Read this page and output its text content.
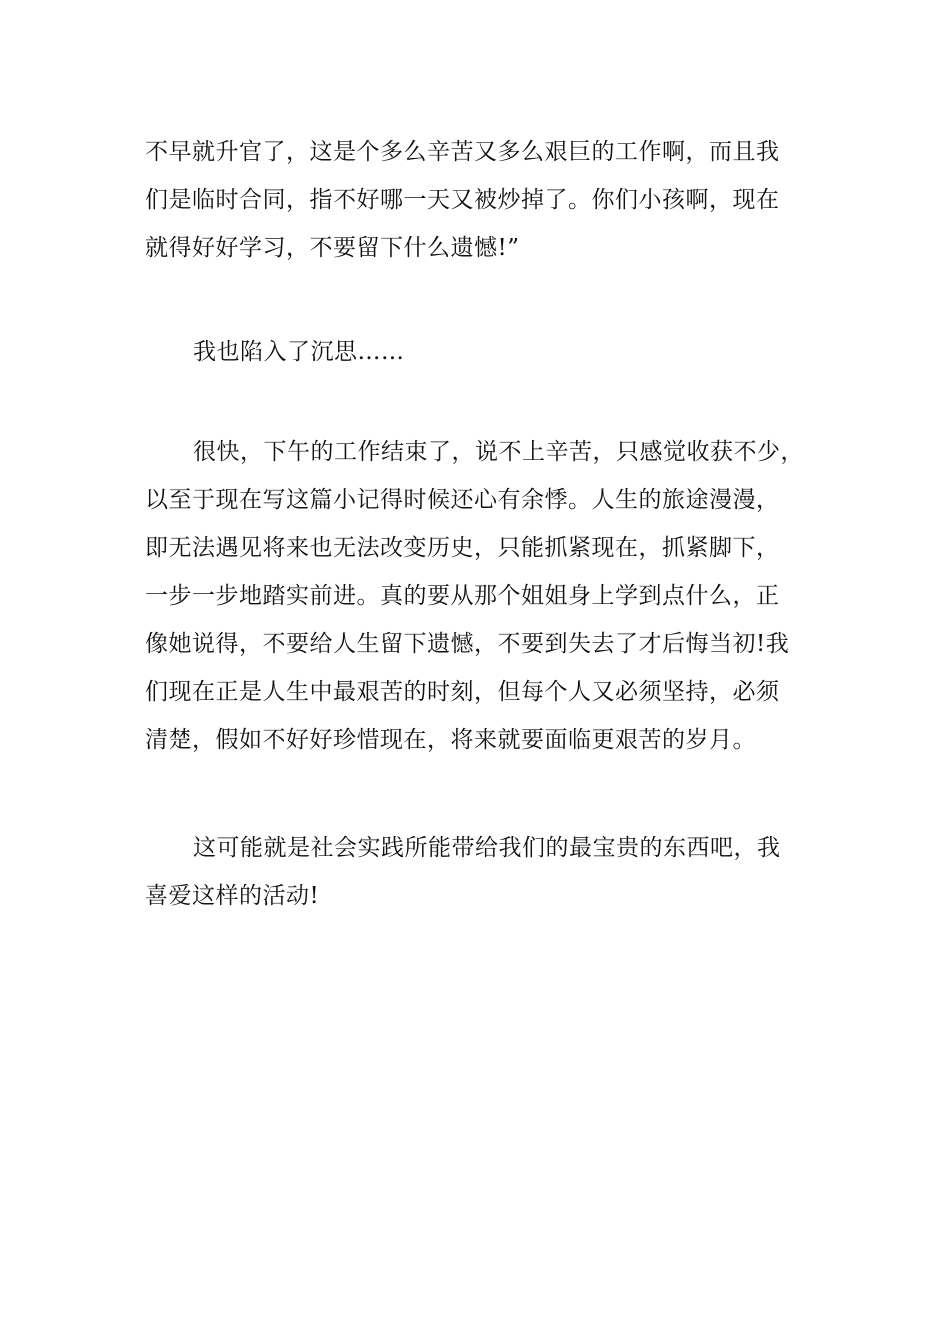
不早就升官了，这是个多么辛苦又多么艰巨的工作啊，而且我
们是临时合同，指不好哪一天又被炒掉了。你们小孩啊，现在
就得好好学习，不要留下什么遗憾!”

我也陷入了沉思……

很快，下午的工作结束了，说不上辛苦，只感觉收获不少，
以至于现在写这篇小记得时候还心有余悸。人生的旅途漫漫，
即无法遇见将来也无法改变历史，只能抓紧现在，抓紧脚下，
一步一步地踏实前进。真的要从那个姐姐身上学到点什么，正
像她说得，不要给人生留下遗憾，不要到失去了才后悔当初!我
们现在正是人生中最艰苦的时刻，但每个人又必须坚持，必须
清楚，假如不好好珍惜现在，将来就要面临更艰苦的岁月。

这可能就是社会实践所能带给我们的最宝贵的东西吧，我
喜爱这样的活动!
